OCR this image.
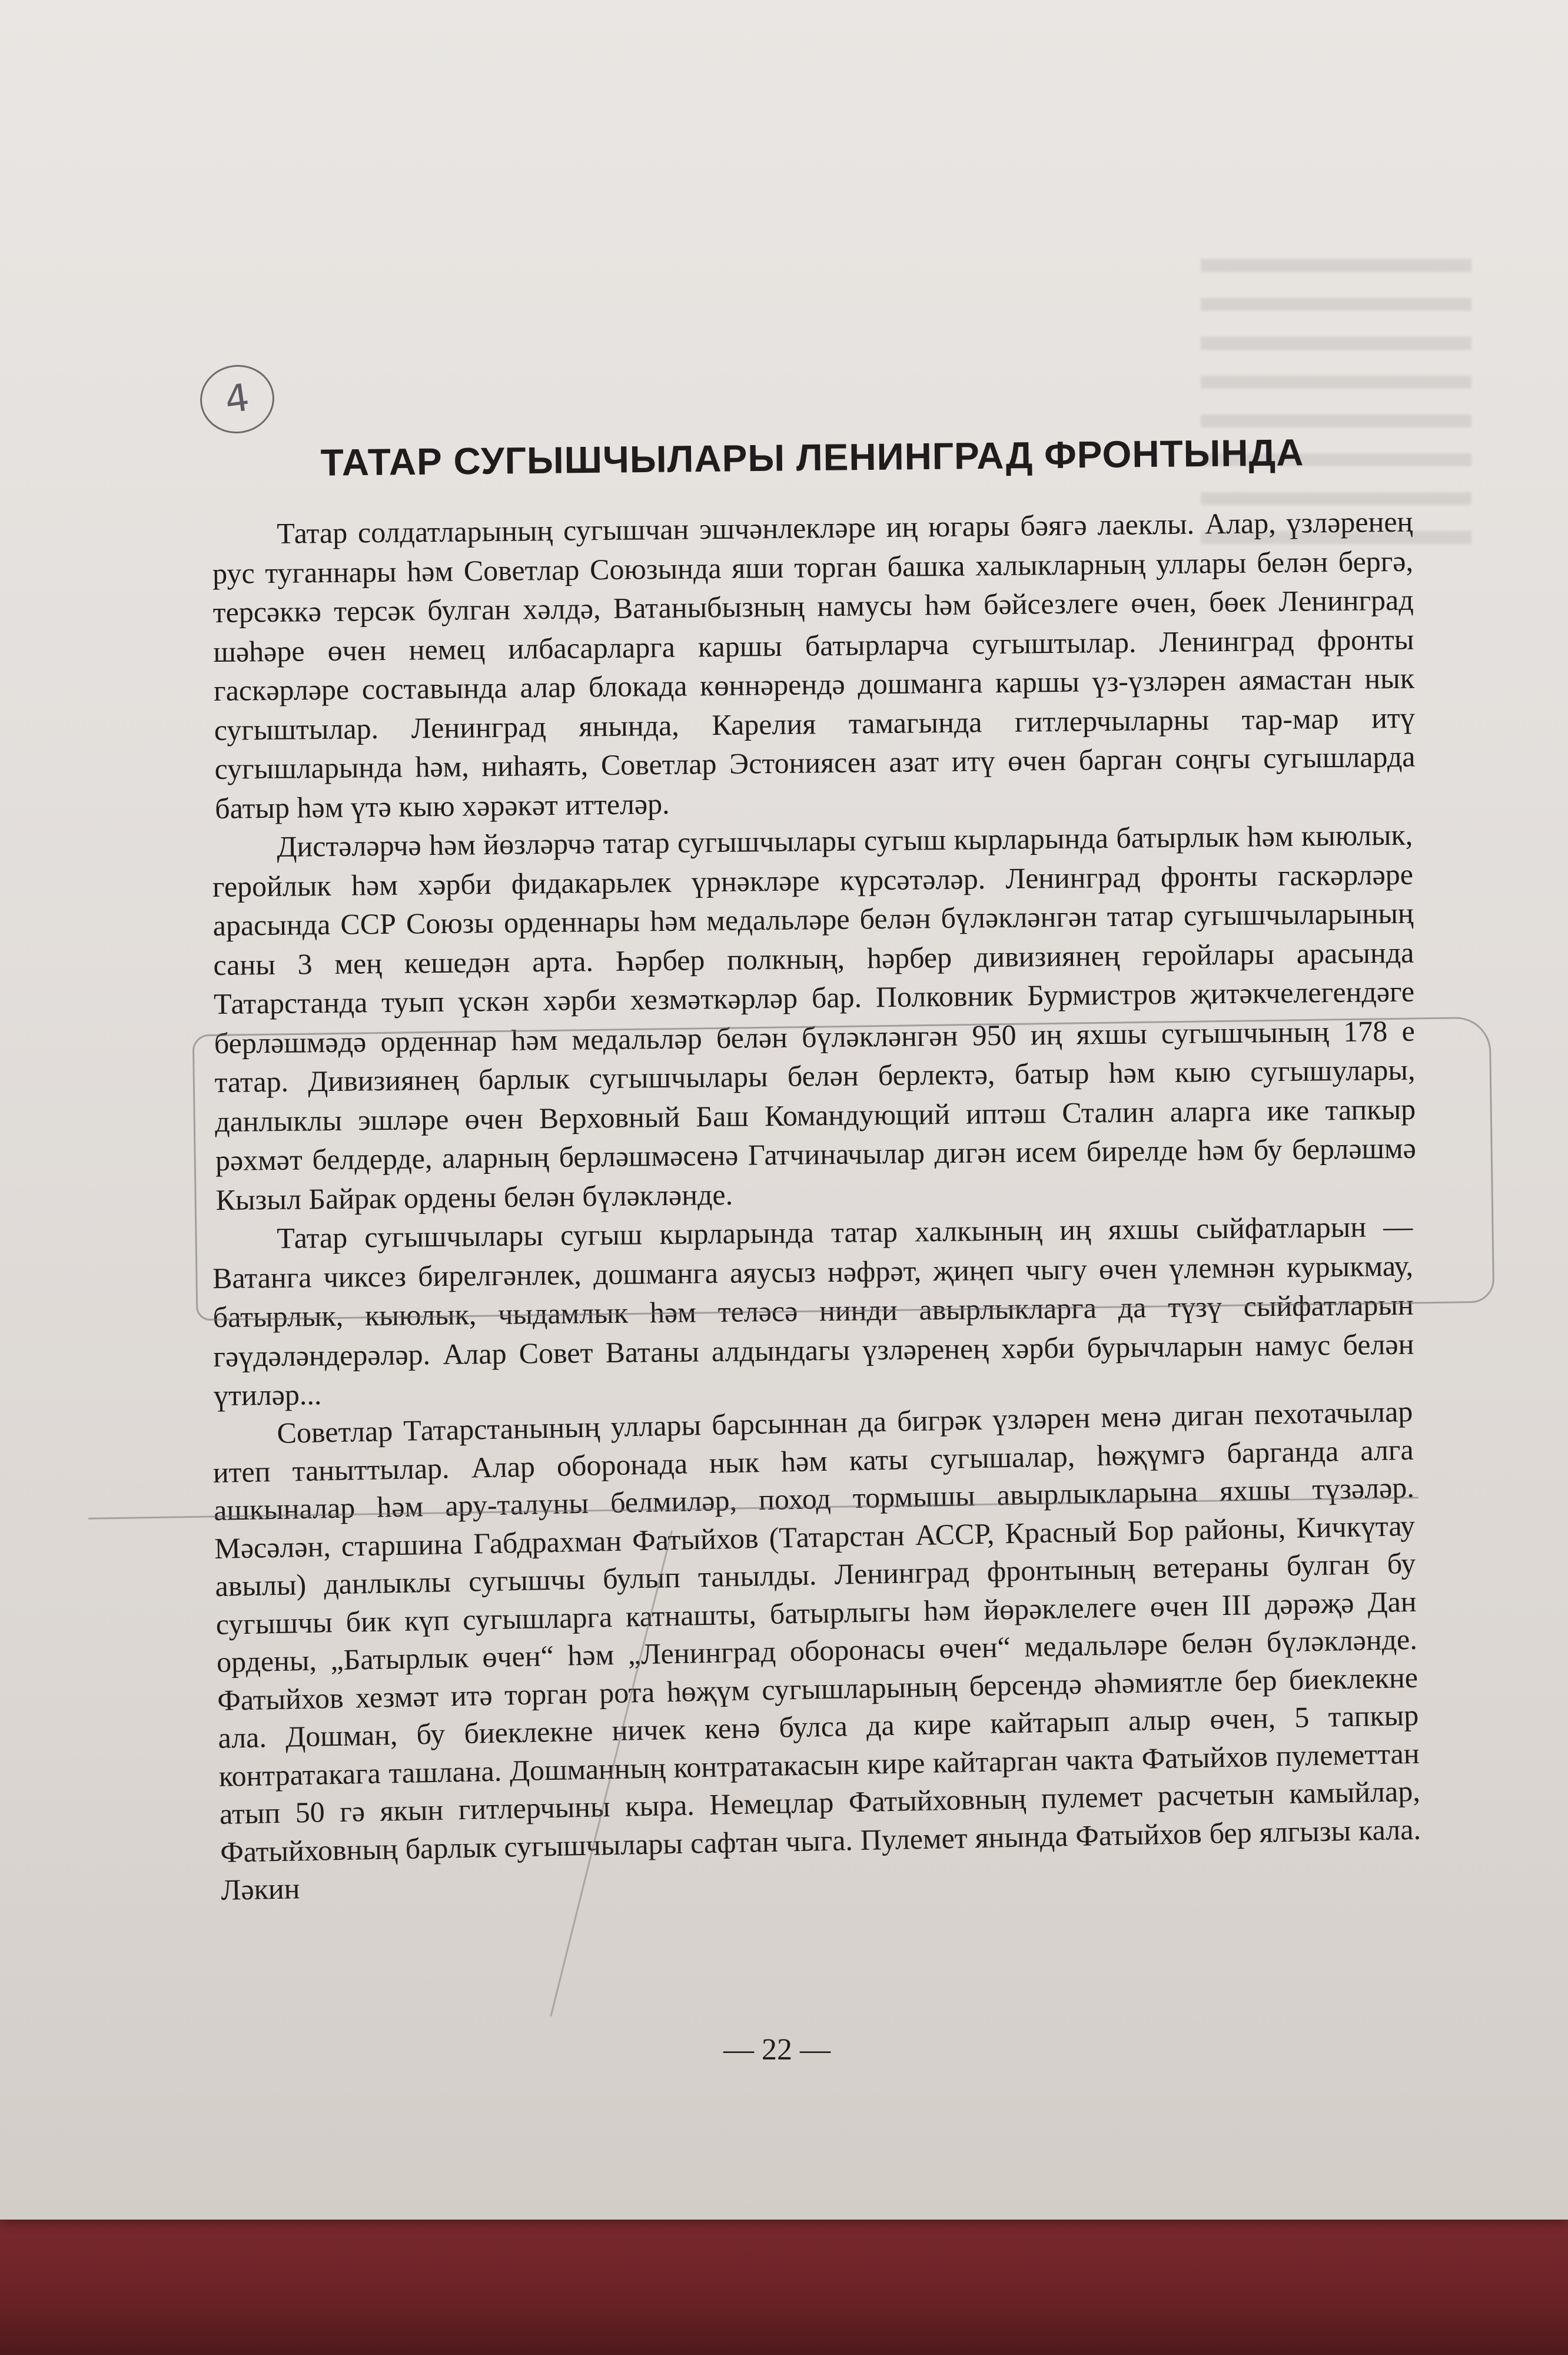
4
ТАТАР СУГЫШЧЫЛАРЫ ЛЕНИНГРАД ФРОНТЫНДА

Татар солдатларының сугышчан эшчәнлекләре иң югары бәягә лаеклы. Алар, үзләренең рус туганнары һәм Советлар Союзында яши торган башка халыкларның уллары белән бергә, терсәккә терсәк булган хәлдә, Ватаныбызның намусы һәм бәйсезлеге өчен, бөек Ленинград шәһәре өчен немец илбасарларга каршы батырларча сугыштылар. Ленинград фронты гаскәрләре составында алар блокада көннәрендә дошманга каршы үз-үзләрен аямастан нык сугыштылар. Ленинград янында, Карелия тамагында гитлерчыларны тар-мар итү сугышларында һәм, ниһаять, Советлар Эстониясен азат итү өчен барган соңгы сугышларда батыр һәм үтә кыю хәрәкәт иттеләр.

Дистәләрчә һәм йөзләрчә татар сугышчылары сугыш кырларында батырлык һәм кыюлык, геройлык һәм хәрби фидакарьлек үрнәкләре күрсәтәләр. Ленинград фронты гаскәрләре арасында ССР Союзы орденнары һәм медальләре белән бүләкләнгән татар сугышчыларының саны 3 мең кешедән арта. Һәрбер полкның, һәрбер дивизиянең геройлары арасында Татарстанда туып үскән хәрби хезмәткәрләр бар. Полковник Бурмистров җитәкчелегендәге берләшмәдә орденнар һәм медальләр белән бүләкләнгән 950 иң яхшы сугышчының 178 е татар. Дивизиянең барлык сугышчылары белән берлектә, батыр һәм кыю сугышулары, данлыклы эшләре өчен Верховный Баш Командующий иптәш Сталин аларга ике тапкыр рәхмәт белдерде, аларның берләшмәсенә Гатчиначылар дигән исем бирелде һәм бу берләшмә Кызыл Байрак ордены белән бүләкләнде.

Татар сугышчылары сугыш кырларында татар халкының иң яхшы сыйфатларын — Ватанга чиксез бирелгәнлек, дошманга аяусыз нәфрәт, җиңеп чыгу өчен үлемнән курыкмау, батырлык, кыюлык, чыдамлык һәм теләсә нинди авырлыкларга да түзү сыйфатларын гәүдәләндерәләр. Алар Совет Ватаны алдындагы үзләренең хәрби бурычларын намус белән үтиләр...

Советлар Татарстанының уллары барсыннан да бигрәк үзләрен менә диган пехотачылар итеп таныттылар. Алар оборонада нык һәм каты сугышалар, һөҗүмгә барганда алга ашкыналар һәм ару-талуны белмиләр, поход тормышы авырлыкларына яхшы түзәләр. Мәсәлән, старшина Габдрахман Фатыйхов (Татарстан АССР, Красный Бор районы, Кичкүтау авылы) данлыклы сугышчы булып танылды. Ленинград фронтының ветераны булган бу сугышчы бик күп сугышларга катнашты, батырлыгы һәм йөрәклелеге өчен III дәрәҗә Дан ордены, „Батырлык өчен“ һәм „Ленинград оборонасы өчен“ медальләре белән бүләкләнде. Фатыйхов хезмәт итә торган рота һөҗүм сугышларының берсендә әһәмиятле бер биеклекне ала. Дошман, бу биеклекне ничек кенә булса да кире кайтарып алыр өчен, 5 тапкыр контратакага ташлана. Дошманның контратакасын кире кайтарган чакта Фатыйхов пулеметтан атып 50 гә якын гитлерчыны кыра. Немецлар Фатыйховның пулемет расчетын камыйлар, Фатыйховның барлык сугышчылары сафтан чыга. Пулемет янында Фатыйхов бер ялгызы кала. Ләкин

— 22 —
